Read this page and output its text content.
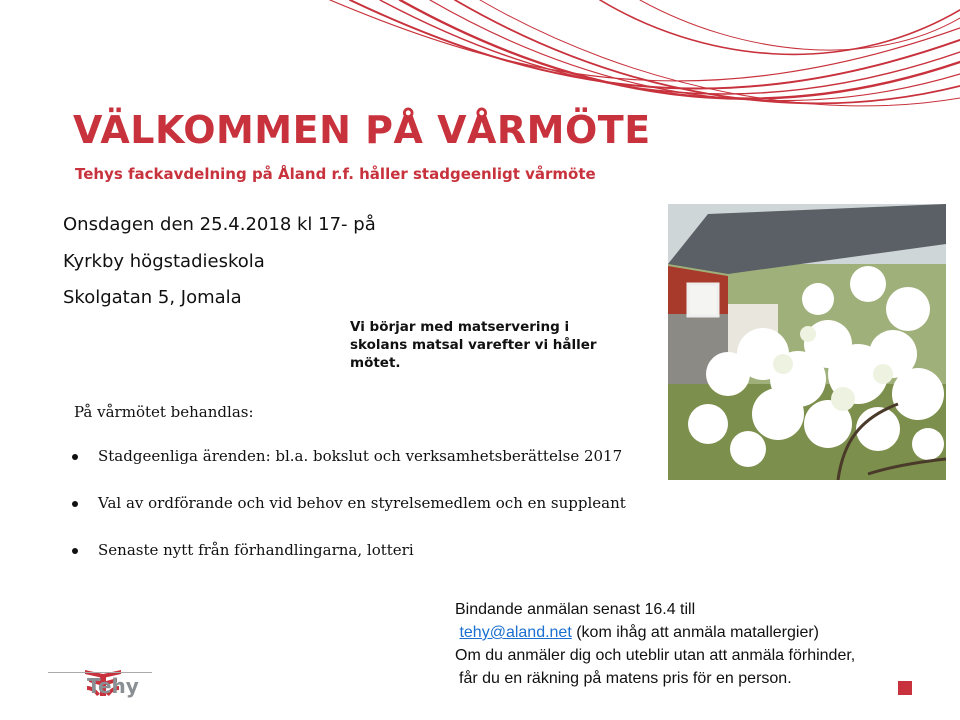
VÄLKOMMEN PÅ VÅRMÖTE
Tehys fackavdelning på Åland r.f. håller stadgeenligt vårmöte
Onsdagen den 25.4.2018 kl 17- på
Kyrkby högstadieskola
Skolgatan 5, Jomala
Vi börjar med matservering i skolans matsal varefter vi håller mötet.
På vårmötet behandlas:
Stadgeenliga ärenden: bl.a. bokslut och verksamhetsberättelse 2017
Val av ordförande och vid behov en styrelsemedlem och en suppleant
Senaste nytt från förhandlingarna, lotteri
Bindande anmälan senast 16.4 till
tehy@aland.net (kom ihåg att anmäla matallergier)
Om du anmäler dig och uteblir utan att anmäla förhinder,
får du en räkning på matens pris för en person.
Tehy
